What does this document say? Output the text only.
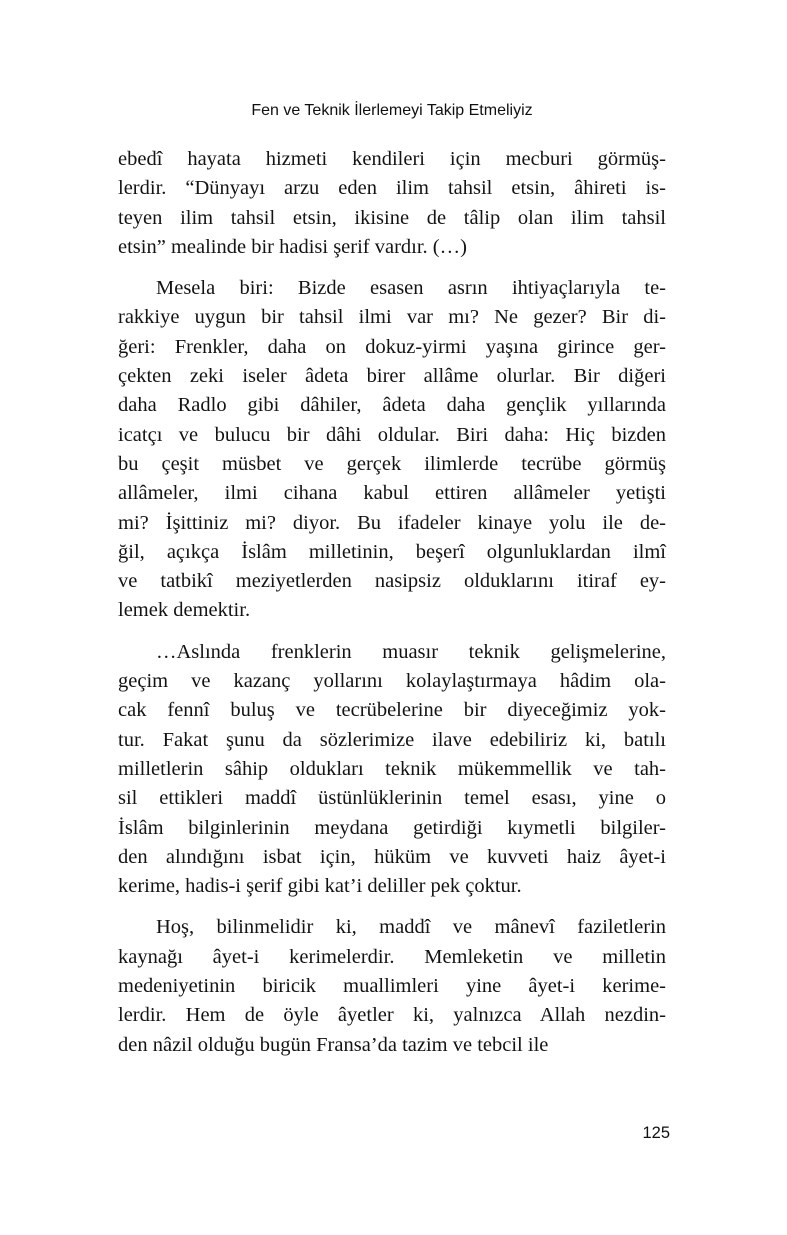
Fen ve Teknik İlerlemeyi Takip Etmeliyiz
ebedî hayata hizmeti kendileri için mecburi görmüş-
lerdir. “Dünyayı arzu eden ilim tahsil etsin, âhireti is-
teyen ilim tahsil etsin, ikisine de tâlip olan ilim tahsil
etsin” mealinde bir hadisi şerif vardır. (…)
Mesela biri: Bizde esasen asrın ihtiyaçlarıyla te-
rakkiye uygun bir tahsil ilmi var mı? Ne gezer? Bir di-
ğeri: Frenkler, daha on dokuz-yirmi yaşına girince ger-
çekten zeki iseler âdeta birer allâme olurlar. Bir diğeri
daha Radlo gibi dâhiler, âdeta daha gençlik yıllarında
icatçı ve bulucu bir dâhi oldular. Biri daha: Hiç bizden
bu çeşit müsbet ve gerçek ilimlerde tecrübe görmüş
allâmeler, ilmi cihana kabul ettiren allâmeler yetişti
mi? İşittiniz mi? diyor. Bu ifadeler kinaye yolu ile de-
ğil, açıkça İslâm milletinin, beşerî olgunluklardan ilmî
ve tatbikî meziyetlerden nasipsiz olduklarını itiraf ey-
lemek demektir.
…Aslında frenklerin muasır teknik gelişmelerine,
geçim ve kazanç yollarını kolaylaştırmaya hâdim ola-
cak fennî buluş ve tecrübelerine bir diyeceğimiz yok-
tur. Fakat şunu da sözlerimize ilave edebiliriz ki, batılı
milletlerin sâhip oldukları teknik mükemmellik ve tah-
sil ettikleri maddî üstünlüklerinin temel esası, yine o
İslâm bilginlerinin meydana getirdiği kıymetli bilgiler-
den alındığını isbat için, hüküm ve kuvveti haiz âyet-i
kerime, hadis-i şerif gibi kat’i deliller pek çoktur.
Hoş, bilinmelidir ki, maddî ve mânevî faziletlerin
kaynağı âyet-i kerimelerdir. Memleketin ve milletin
medeniyetinin biricik muallimleri yine âyet-i kerime-
lerdir. Hem de öyle âyetler ki, yalnızca Allah nezdin-
den nâzil olduğu bugün Fransa’da tazim ve tebcil ile
125
